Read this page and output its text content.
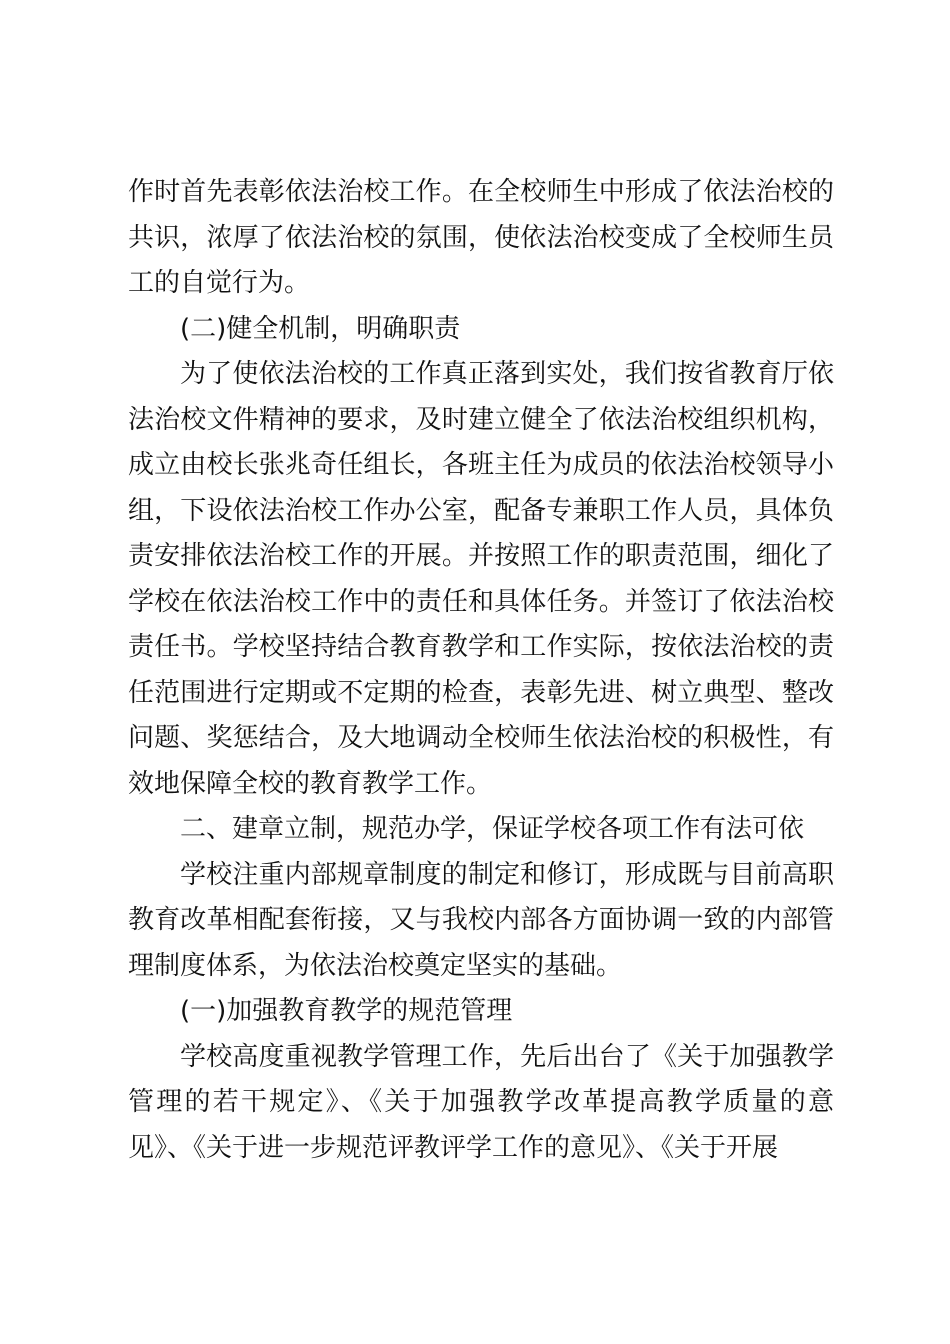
作时首先表彰依法治校工作。在全校师生中形成了依法治校的共识，浓厚了依法治校的氛围，使依法治校变成了全校师生员工的自觉行为。

(二)健全机制，明确职责

为了使依法治校的工作真正落到实处，我们按省教育厅依法治校文件精神的要求，及时建立健全了依法治校组织机构，成立由校长张兆奇任组长，各班主任为成员的依法治校领导小组，下设依法治校工作办公室，配备专兼职工作人员，具体负责安排依法治校工作的开展。并按照工作的职责范围，细化了学校在依法治校工作中的责任和具体任务。并签订了依法治校责任书。学校坚持结合教育教学和工作实际，按依法治校的责任范围进行定期或不定期的检查，表彰先进、树立典型、整改问题、奖惩结合，及大地调动全校师生依法治校的积极性，有效地保障全校的教育教学工作。

二、建章立制，规范办学，保证学校各项工作有法可依

学校注重内部规章制度的制定和修订，形成既与目前高职教育改革相配套衔接，又与我校内部各方面协调一致的内部管理制度体系，为依法治校奠定坚实的基础。

(一)加强教育教学的规范管理

学校高度重视教学管理工作，先后出台了《关于加强教学管理的若干规定》、《关于加强教学改革提高教学质量的意见》、《关于进一步规范评教评学工作的意见》、《关于开展
